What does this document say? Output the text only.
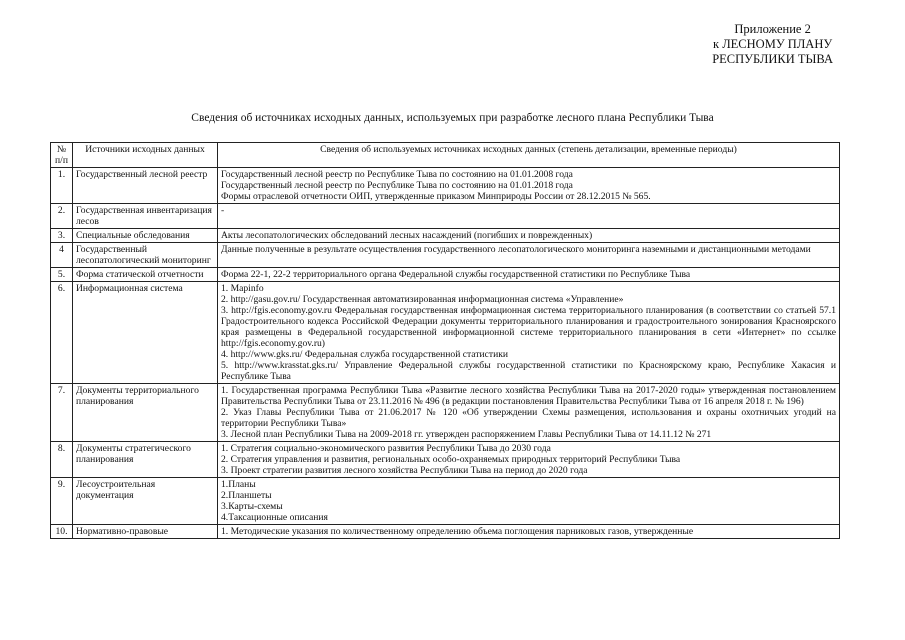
Приложение 2
к ЛЕСНОМУ ПЛАНУ
РЕСПУБЛИКИ ТЫВА
Сведения об источниках исходных данных, используемых при разработке лесного плана Республики Тыва
№ п/п	Источники исходных данных	Сведения об используемых источниках исходных данных (степень детализации, временные периоды)
1.	Государственный лесной реестр	Государственный лесной реестр по Республике Тыва по состоянию на 01.01.2008 года
Государственный лесной реестр по Республике Тыва по состоянию на 01.01.2018 года
Формы отраслевой отчетности ОИП, утвержденные приказом Минприроды России от 28.12.2015 № 565.

2.	Государственная инвентаризация лесов	-

3.	Специальные обследования	Акты лесопатологических обследований лесных насаждений (погибших и поврежденных)

4	Государственный лесопатологический мониторинг	Данные полученные в результате осуществления государственного лесопатологического мониторинга наземными и дистанционными методами

5.	Форма статической отчетности	Форма 22-1, 22-2 территориального органа Федеральной службы государственной статистики по Республике Тыва

6.	Информационная система	1. Mapinfo
2. http://gasu.gov.ru/ Государственная автоматизированная информационная система «Управление»
3. http://fgis.economy.gov.ru Федеральная государственная информационная система территориального планирования (в соответствии со статьей 57.1 Градостроительного кодекса Российской Федерации документы территориального планирования и градостроительного зонирования Красноярского края размещены в Федеральной государственной информационной системе территориального планирования в сети «Интернет» по ссылке http://fgis.economy.gov.ru)
4. http://www.gks.ru/ Федеральная служба государственной статистики
5. http://www.krasstat.gks.ru/ Управление Федеральной службы государственной статистики по Красноярскому краю, Республике Хакасия и Республике Тыва

7.	Документы территориального планирования	1. Государственная программа Республики Тыва «Развитие лесного хозяйства Республики Тыва на 2017-2020 годы» утвержденная постановлением Правительства Республики Тыва от 23.11.2016 № 496 (в редакции постановления Правительства Республики Тыва от 16 апреля 2018 г. № 196)
2. Указ Главы Республики Тыва от 21.06.2017 № 120 «Об утверждении Схемы размещения, использования и охраны охотничьих угодий на территории Республики Тыва»
3. Лесной план Республики Тыва на 2009-2018 гг. утвержден распоряжением Главы Республики Тыва от 14.11.12 № 271

8.	Документы стратегического планирования	1. Стратегия социально-экономического развития Республики Тыва до 2030 года
2. Стратегия управления и развития, региональных особо-охраняемых природных территорий Республики Тыва
3. Проект стратегии развития лесного хозяйства Республики Тыва на период до 2020 года

9.	Лесоустроительная документация	1.Планы
2.Планшеты
3.Карты-схемы
4.Таксационные описания

10.	Нормативно-правовые	1. Методические указания по количественному определению объема поглощения парниковых газов, утвержденные
